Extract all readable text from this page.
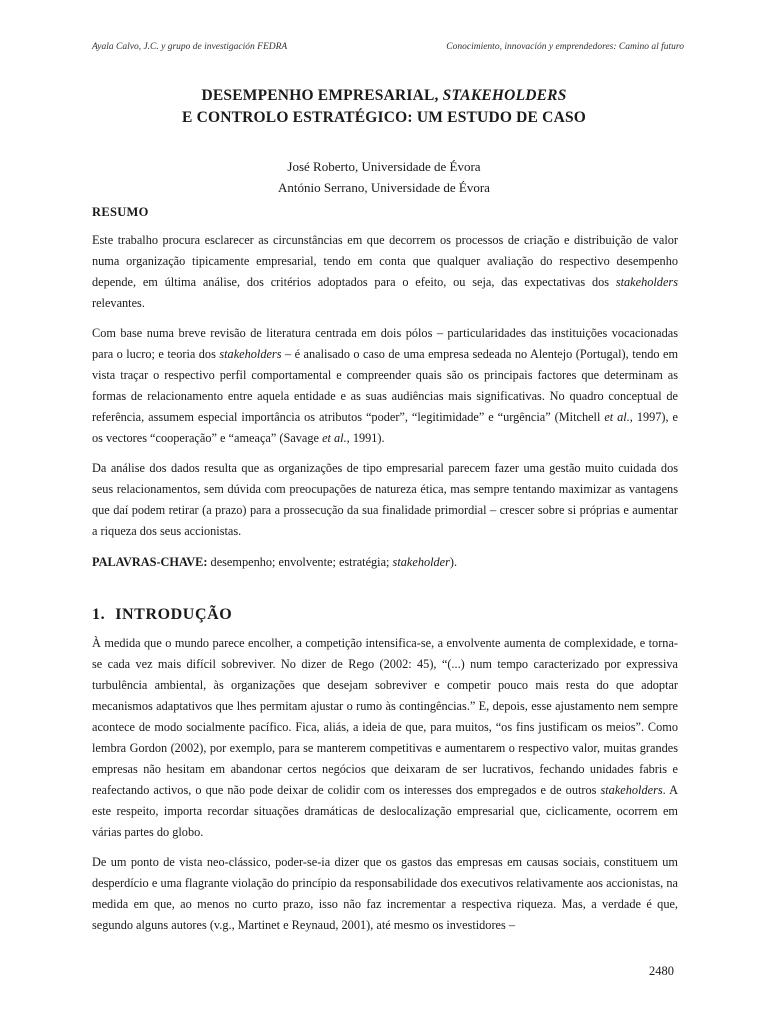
Ayala Calvo, J.C. y grupo de investigación FEDRA	Conocimiento, innovación y emprendedores: Camino al futuro
DESEMPENHO EMPRESARIAL, STAKEHOLDERS
E CONTROLO ESTRATÉGICO: UM ESTUDO DE CASO
José Roberto, Universidade de Évora
António Serrano, Universidade de Évora
RESUMO

Este trabalho procura esclarecer as circunstâncias em que decorrem os processos de criação e distribuição de valor numa organização tipicamente empresarial, tendo em conta que qualquer avaliação do respectivo desempenho depende, em última análise, dos critérios adoptados para o efeito, ou seja, das expectativas dos stakeholders relevantes.

Com base numa breve revisão de literatura centrada em dois pólos – particularidades das instituições vocacionadas para o lucro; e teoria dos stakeholders – é analisado o caso de uma empresa sedeada no Alentejo (Portugal), tendo em vista traçar o respectivo perfil comportamental e compreender quais são os principais factores que determinam as formas de relacionamento entre aquela entidade e as suas audiências mais significativas. No quadro conceptual de referência, assumem especial importância os atributos “poder”, “legitimidade” e “urgência” (Mitchell et al., 1997), e os vectores “cooperação” e “ameaça” (Savage et al., 1991).

Da análise dos dados resulta que as organizações de tipo empresarial parecem fazer uma gestão muito cuidada dos seus relacionamentos, sem dúvida com preocupações de natureza ética, mas sempre tentando maximizar as vantagens que daí podem retirar (a prazo) para a prossecução da sua finalidade primordial – crescer sobre si próprias e aumentar a riqueza dos seus accionistas.

PALAVRAS-CHAVE: desempenho; envolvente; estratégia; stakeholder).

1. INTRODUÇÃO

À medida que o mundo parece encolher, a competição intensifica-se, a envolvente aumenta de complexidade, e torna-se cada vez mais difícil sobreviver. No dizer de Rego (2002: 45), “(...) num tempo caracterizado por expressiva turbulência ambiental, às organizações que desejam sobreviver e competir pouco mais resta do que adoptar mecanismos adaptativos que lhes permitam ajustar o rumo às contingências.” E, depois, esse ajustamento nem sempre acontece de modo socialmente pacífico. Fica, aliás, a ideia de que, para muitos, “os fins justificam os meios”. Como lembra Gordon (2002), por exemplo, para se manterem competitivas e aumentarem o respectivo valor, muitas grandes empresas não hesitam em abandonar certos negócios que deixaram de ser lucrativos, fechando unidades fabris e reafectando activos, o que não pode deixar de colidir com os interesses dos empregados e de outros stakeholders. A este respeito, importa recordar situações dramáticas de deslocalização empresarial que, ciclicamente, ocorrem em várias partes do globo.

De um ponto de vista neo-clássico, poder-se-ia dizer que os gastos das empresas em causas sociais, constituem um desperdício e uma flagrante violação do princípio da responsabilidade dos executivos relativamente aos accionistas, na medida em que, ao menos no curto prazo, isso não faz incrementar a respectiva riqueza. Mas, a verdade é que, segundo alguns autores (v.g., Martinet e Reynaud, 2001), até mesmo os investidores –

2480
